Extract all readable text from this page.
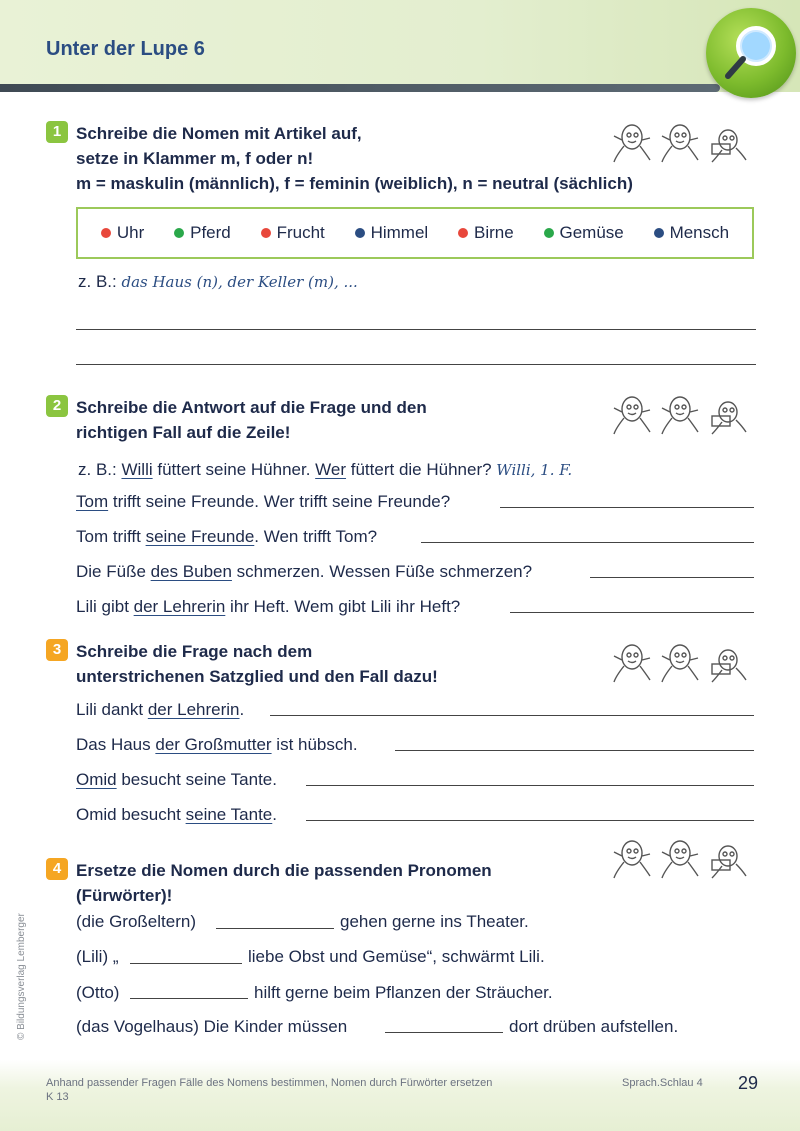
Unter der Lupe 6
1 Schreibe die Nomen mit Artikel auf,
setze in Klammer m, f oder n!
m = maskulin (männlich), f = feminin (weiblich), n = neutral (sächlich)
Uhr	Pferd	Frucht	Himmel	Birne	Gemüse	Mensch
z. B.: das Haus (n), der Keller (m), ...
2 Schreibe die Antwort auf die Frage und den
richtigen Fall auf die Zeile!
z. B.: Willi füttert seine Hühner. Wer füttert die Hühner? Willi, 1. F.
Tom trifft seine Freunde. Wer trifft seine Freunde?
Tom trifft seine Freunde. Wen trifft Tom?
Die Füße des Buben schmerzen. Wessen Füße schmerzen?
Lili gibt der Lehrerin ihr Heft. Wem gibt Lili ihr Heft?
3 Schreibe die Frage nach dem
unterstrichenen Satzglied und den Fall dazu!
Lili dankt der Lehrerin.
Das Haus der Großmutter ist hübsch.
Omid besucht seine Tante.
Omid besucht seine Tante.
4 Ersetze die Nomen durch die passenden Pronomen
(Fürwörter)!
(die Großeltern)	gehen gerne ins Theater.
(Lili) „	liebe Obst und Gemüse“, schwärmt Lili.
(Otto)	hilft gerne beim Pflanzen der Sträucher.
(das Vogelhaus) Die Kinder müssen	dort drüben aufstellen.
© Bildungsverlag Lemberger
Anhand passender Fragen Fälle des Nomens bestimmen, Nomen durch Fürwörter ersetzen
K 13
Sprach.Schlau 4 29
